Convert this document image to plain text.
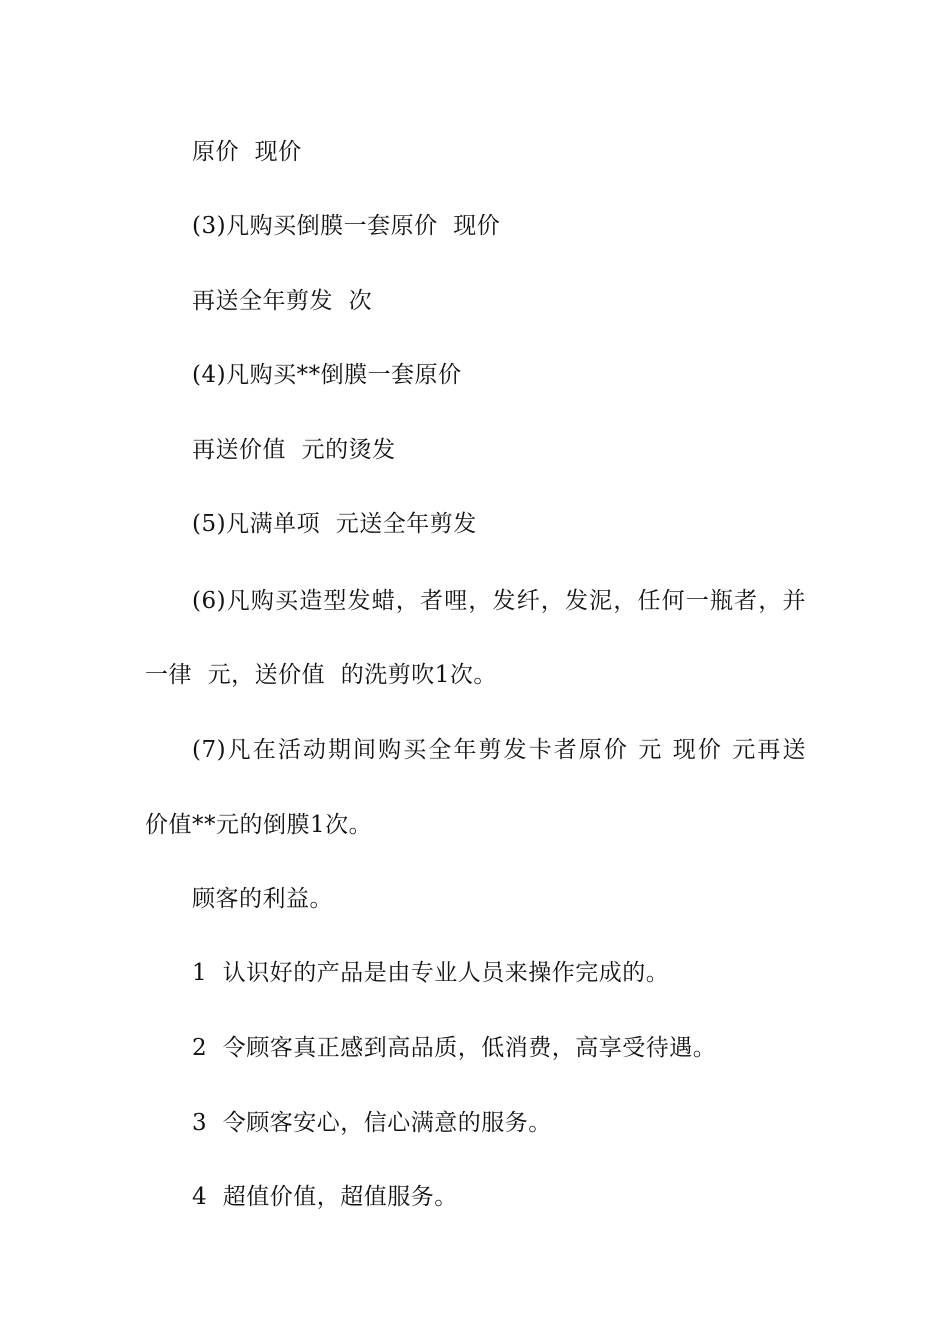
原价  现价
(3)凡购买倒膜一套原价  现价
再送全年剪发  次
(4)凡购买**倒膜一套原价
再送价值  元的烫发
(5)凡满单项  元送全年剪发
(6)凡购买造型发蜡，者哩，发纤，发泥，任何一瓶者，并
一律  元，送价值  的洗剪吹1次。
(7)凡在活动期间购买全年剪发卡者原价 元 现价 元再送
价值**元的倒膜1次。
顾客的利益。
1  认识好的产品是由专业人员来操作完成的。
2  令顾客真正感到高品质，低消费，高享受待遇。
3  令顾客安心，信心满意的服务。
4  超值价值，超值服务。
